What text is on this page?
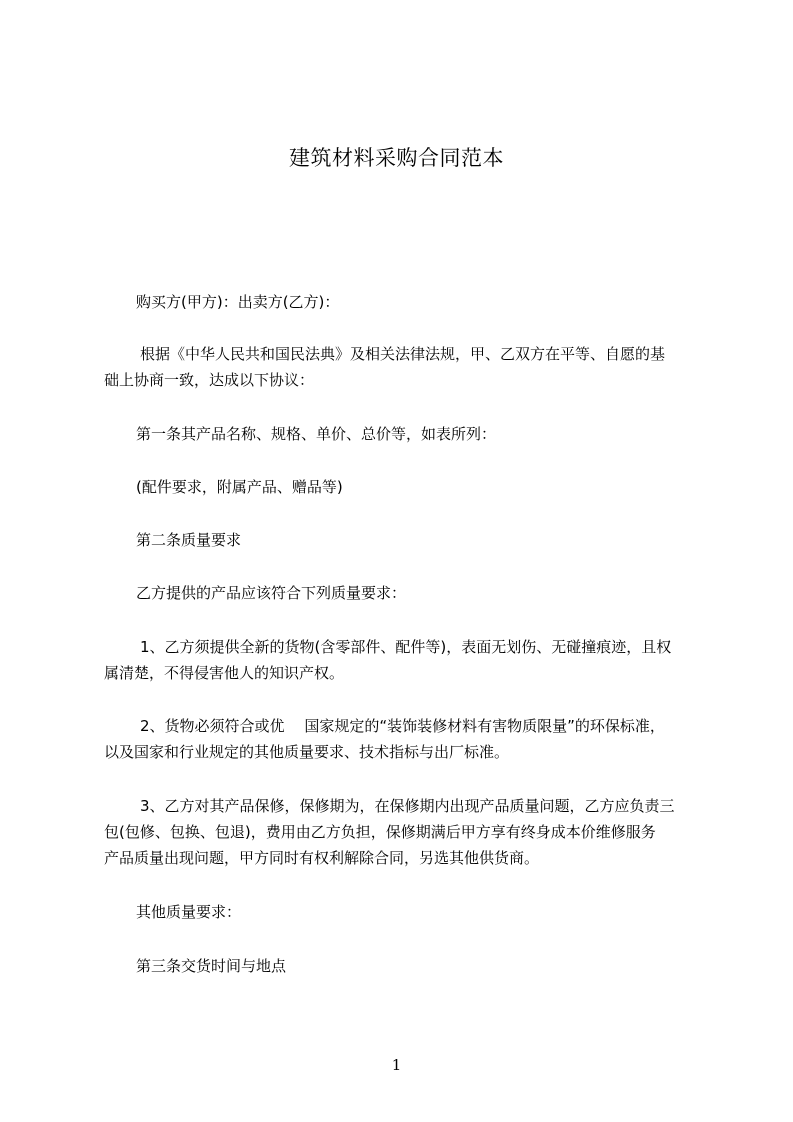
建筑材料采购合同范本
购买方(甲方)：出卖方(乙方)：
根据《中华人民共和国民法典》及相关法律法规，甲、乙双方在平等、自愿的基
础上协商一致，达成以下协议：
第一条其产品名称、规格、单价、总价等，如表所列：
(配件要求，附属产品、赠品等)
第二条质量要求
乙方提供的产品应该符合下列质量要求：
1、乙方须提供全新的货物(含零部件、配件等)，表面无划伤、无碰撞痕迹，且权
属清楚，不得侵害他人的知识产权。
2、货物必须符合或优　 国家规定的“装饰装修材料有害物质限量”的环保标准，
以及国家和行业规定的其他质量要求、技术指标与出厂标准。
3、乙方对其产品保修，保修期为，在保修期内出现产品质量问题，乙方应负责三
包(包修、包换、包退)，费用由乙方负担，保修期满后甲方享有终身成本价维修服务
产品质量出现问题，甲方同时有权利解除合同，另选其他供货商。
其他质量要求：
第三条交货时间与地点
1
